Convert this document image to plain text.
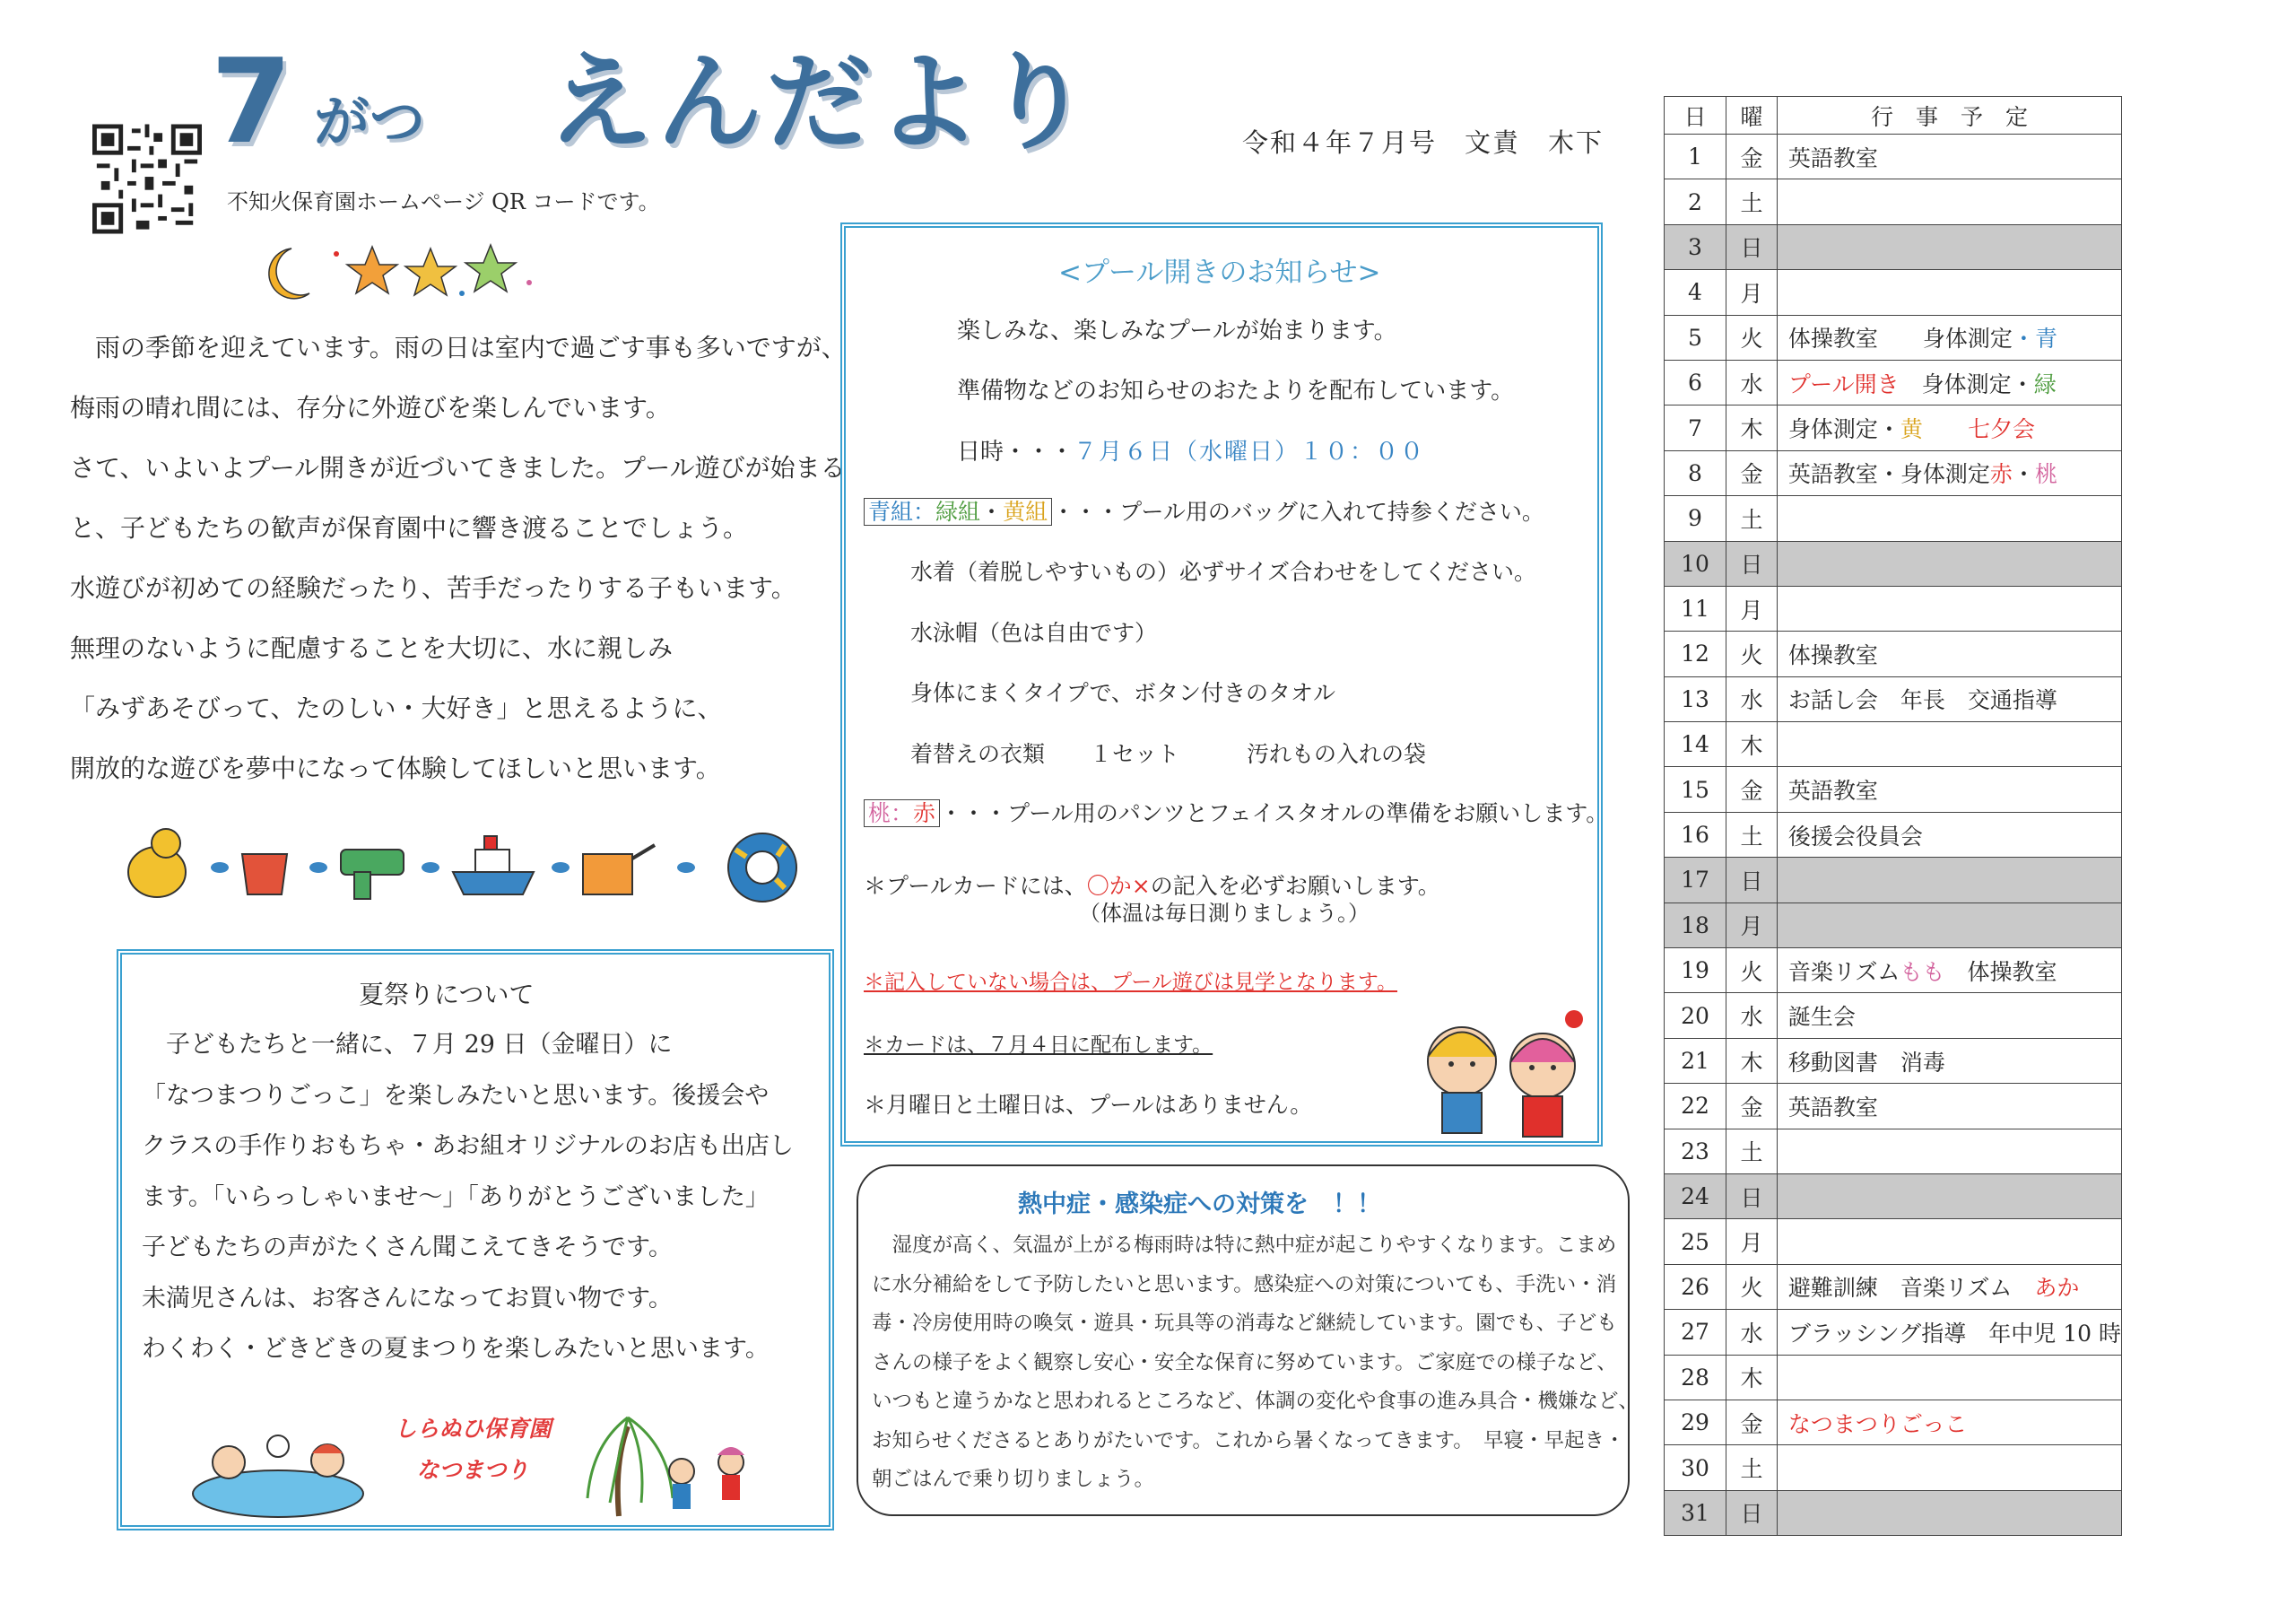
7 がつ えんだより	令和４年７月号　文責　木下
不知火保育園ホームページ QR コードです。

　雨の季節を迎えています。雨の日は室内で過ごす事も多いですが、

梅雨の晴れ間には、存分に外遊びを楽しんでいます。

さて、いよいよプール開きが近づいてきました。プール遊びが始まる

と、子どもたちの歓声が保育園中に響き渡ることでしょう。

水遊びが初めての経験だったり、苦手だったりする子もいます。

無理のないように配慮することを大切に、水に親しみ

「みずあそびって、たのしい・大好き」と思えるように、

開放的な遊びを夢中になって体験してほしいと思います。

夏祭りについて

　子どもたちと一緒に、７月 29 日（金曜日）に

「なつまつりごっこ」を楽しみたいと思います。後援会や

クラスの手作りおもちゃ・あお組オリジナルのお店も出店し

ます。「いらっしゃいませ〜」「ありがとうございました」

子どもたちの声がたくさん聞こえてきそうです。

未満児さんは、お客さんになってお買い物です。

わくわく・どきどきの夏まつりを楽しみたいと思います。

しらぬひ保育園
なつまつり
<プール開きのお知らせ>
楽しみな、楽しみなプールが始まります。
準備物などのお知らせのおたよりを配布しています。
日時・・・７月６日（水曜日）１０：００
青組：緑組・黄組 ・・・プール用のバッグに入れて持参ください。

水着（着脱しやすいもの）必ずサイズ合わせをしてください。

水泳帽（色は自由です）

身体にまくタイプで、ボタン付きのタオル

着替えの衣類　　１セット　　　汚れもの入れの袋

桃：赤 ・・・プール用のパンツとフェイスタオルの準備をお願いします。
＊プールカードには、〇か×の記入を必ずお願いします。
（体温は毎日測りましょう。）
＊記入していない場合は、プール遊びは見学となります。
＊カードは、７月４日に配布します。
＊月曜日と土曜日は、プールはありません。
熱中症・感染症への対策を　！！

　湿度が高く、気温が上がる梅雨時は特に熱中症が起こりやすくなります。こまめ

に水分補給をして予防したいと思います。感染症への対策についても、手洗い・消

毒・冷房使用時の喚気・遊具・玩具等の消毒など継続しています。園でも、子ども

さんの様子をよく観察し安心・安全な保育に努めています。ご家庭での様子など、

いつもと違うかなと思われるところなど、体調の変化や食事の進み具合・機嫌など、

お知らせくださるとありがたいです。これから暑くなってきます。　早寝・早起き・

朝ごはんで乗り切りましょう。

日	曜	行　事　予　定
1	金	英語教室
2	土	
3	日	
4	月	
5	火	体操教室　　身体測定・青
6	水	プール開き　身体測定・緑
7	木	身体測定・黄　　 七夕会
8	金	英語教室・身体測定赤・桃
9	土	
10	日	
11	月	
12	火	体操教室
13	水	お話し会　年長　交通指導
14	木	
15	金	英語教室
16	土	後援会役員会
17	日	
18	月	
19	火	音楽リズムもも　体操教室
20	水	誕生会
21	木	移動図書　消毒
22	金	英語教室
23	土	
24	日	
25	月	
26	火	避難訓練　音楽リズム　あか
27	水	ブラッシング指導　年中児 10 時
28	木	
29	金	なつまつりごっこ
30	土	
31	日	
